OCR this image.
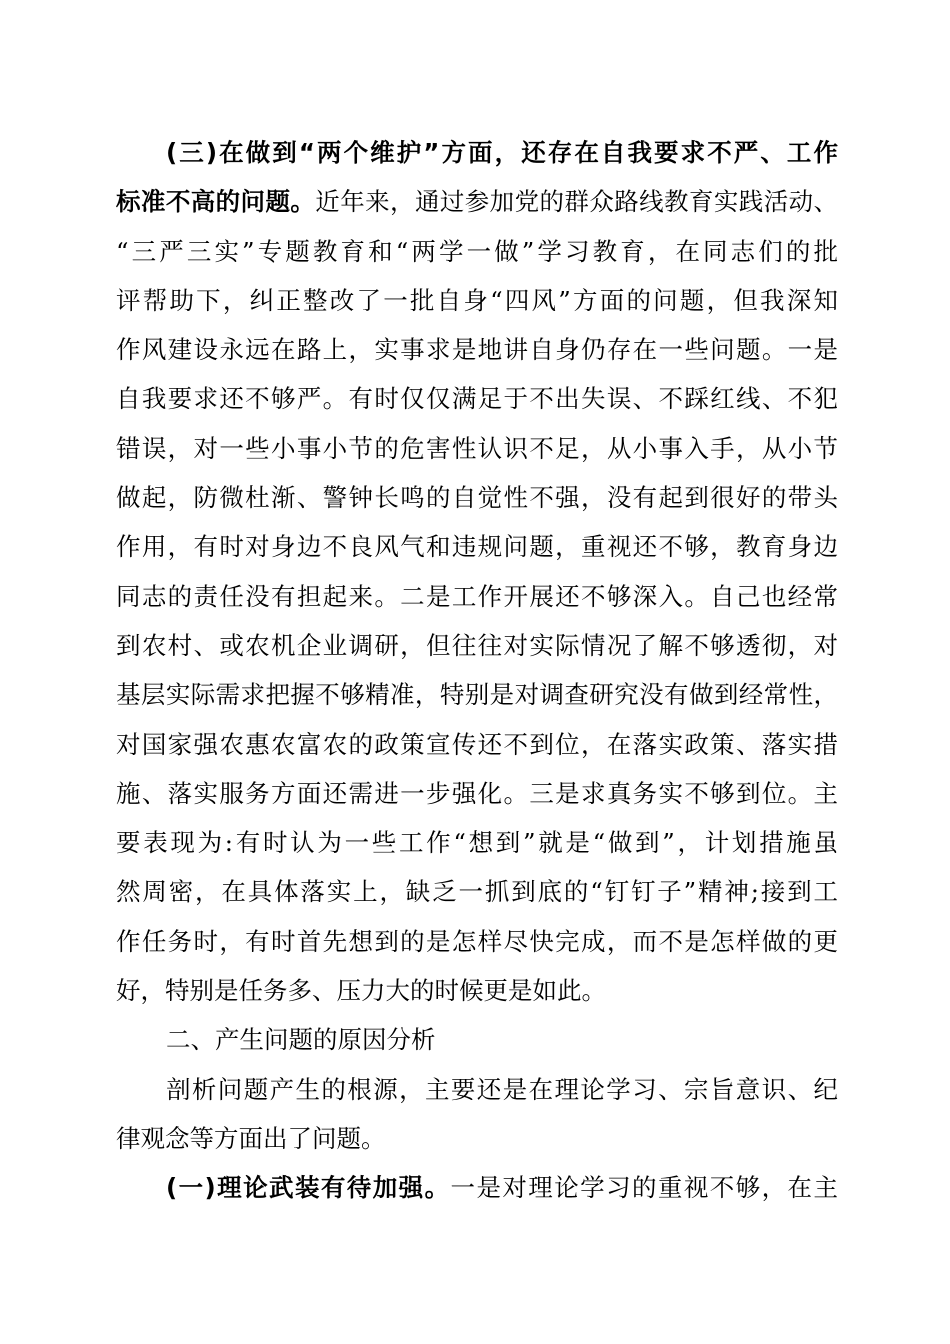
(三)在做到“两个维护”方面，还存在自我要求不严、工作
标准不高的问题。近年来，通过参加党的群众路线教育实践活动、
“三严三实”专题教育和“两学一做”学习教育，在同志们的批
评帮助下，纠正整改了一批自身“四风”方面的问题，但我深知
作风建设永远在路上，实事求是地讲自身仍存在一些问题。一是
自我要求还不够严。有时仅仅满足于不出失误、不踩红线、不犯
错误，对一些小事小节的危害性认识不足，从小事入手，从小节
做起，防微杜渐、警钟长鸣的自觉性不强，没有起到很好的带头
作用，有时对身边不良风气和违规问题，重视还不够，教育身边
同志的责任没有担起来。二是工作开展还不够深入。自己也经常
到农村、或农机企业调研，但往往对实际情况了解不够透彻，对
基层实际需求把握不够精准，特别是对调查研究没有做到经常性，
对国家强农惠农富农的政策宣传还不到位，在落实政策、落实措
施、落实服务方面还需进一步强化。三是求真务实不够到位。主
要表现为:有时认为一些工作“想到”就是“做到”，计划措施虽
然周密，在具体落实上，缺乏一抓到底的“钉钉子”精神;接到工
作任务时，有时首先想到的是怎样尽快完成，而不是怎样做的更
好，特别是任务多、压力大的时候更是如此。
二、产生问题的原因分析
剖析问题产生的根源，主要还是在理论学习、宗旨意识、纪
律观念等方面出了问题。
(一)理论武装有待加强。一是对理论学习的重视不够，在主
